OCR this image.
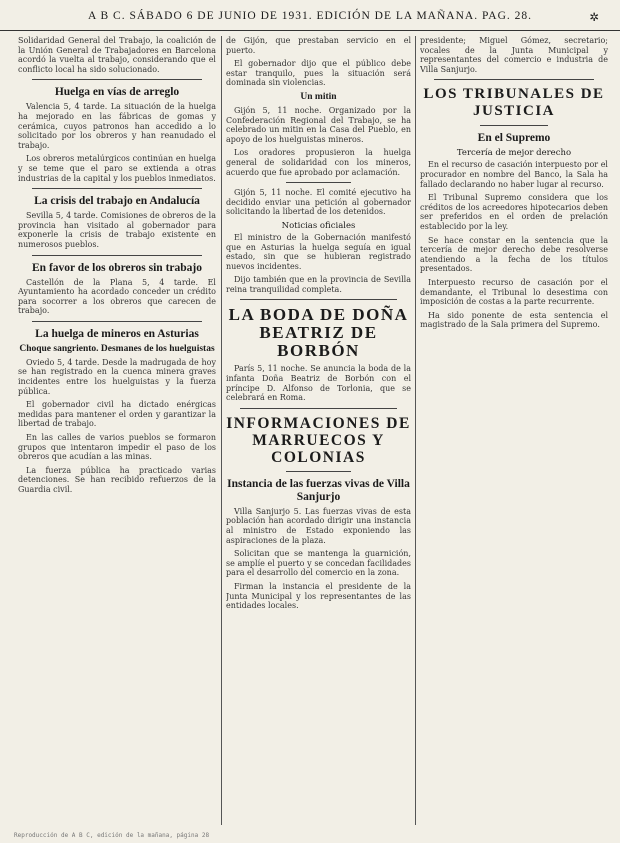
A B C. SÁBADO 6 DE JUNIO DE 1931. EDICIÓN DE LA MAÑANA. PAG. 28.	✲

Solidaridad General del Trabajo, la coalición de la Unión General de Trabajadores en Barcelona acordó la vuelta al trabajo, considerando que el conflicto local ha sido solucionado.

Huelga en vías de arreglo

Valencia 5, 4 tarde. La situación de la huelga ha mejorado en las fábricas de gomas y cerámica, cuyos patronos han accedido a lo solicitado por los obreros y han reanudado el trabajo.

Los obreros metalúrgicos continúan en huelga y se teme que el paro se extienda a otras industrias de la capital y los pueblos inmediatos.

La crisis del trabajo en Andalucía

Sevilla 5, 4 tarde. Comisiones de obreros de la provincia han visitado al gobernador para exponerle la crisis de trabajo existente en numerosos pueblos.

En favor de los obreros sin trabajo

Castellón de la Plana 5, 4 tarde. El Ayuntamiento ha acordado conceder un crédito para socorrer a los obreros que carecen de trabajo.

La huelga de mineros en Asturias
Choque sangriento. Desmanes de los huelguistas

Oviedo 5, 4 tarde. Desde la madrugada de hoy se han registrado en la cuenca minera graves incidentes entre los huelguistas y la fuerza pública.

El gobernador civil ha dictado enérgicas medidas para mantener el orden y garantizar la libertad de trabajo.

En las calles de varios pueblos se formaron grupos que intentaron impedir el paso de los obreros que acudían a las minas.

La fuerza pública ha practicado varias detenciones. Se han recibido refuerzos de la Guardia civil.

de Gijón, que prestaban servicio en el puerto.

El gobernador dijo que el público debe estar tranquilo, pues la situación será dominada sin violencias.

Un mitin

Gijón 5, 11 noche. Organizado por la Confederación Regional del Trabajo, se ha celebrado un mitin en la Casa del Pueblo, en apoyo de los huelguistas mineros.

Los oradores propusieron la huelga general de solidaridad con los mineros, acuerdo que fue aprobado por aclamación.

Gijón 5, 11 noche. El comité ejecutivo ha decidido enviar una petición al gobernador solicitando la libertad de los detenidos.

Noticias oficiales

El ministro de la Gobernación manifestó que en Asturias la huelga seguía en igual estado, sin que se hubieran registrado nuevos incidentes.

Dijo también que en la provincia de Sevilla reina tranquilidad completa.

LA BODA DE DOÑA BEATRIZ DE BORBÓN

París 5, 11 noche. Se anuncia la boda de la infanta Doña Beatriz de Borbón con el príncipe D. Alfonso de Torlonia, que se celebrará en Roma.

INFORMACIONES DE MARRUECOS Y COLONIAS
Instancia de las fuerzas vivas de Villa Sanjurjo

Villa Sanjurjo 5. Las fuerzas vivas de esta población han acordado dirigir una instancia al ministro de Estado exponiendo las aspiraciones de la plaza.

Solicitan que se mantenga la guarnición, se amplíe el puerto y se concedan facilidades para el desarrollo del comercio en la zona.

Firman la instancia el presidente de la Junta Municipal y los representantes de las entidades locales.

presidente; Miguel Gómez, secretario; vocales de la Junta Municipal y representantes del comercio e industria de Villa Sanjurjo.

LOS TRIBUNALES DE JUSTICIA
En el Supremo
Tercería de mejor derecho

En el recurso de casación interpuesto por el procurador en nombre del Banco, la Sala ha fallado declarando no haber lugar al recurso.

El Tribunal Supremo considera que los créditos de los acreedores hipotecarios deben ser preferidos en el orden de prelación establecido por la ley.

Se hace constar en la sentencia que la tercería de mejor derecho debe resolverse atendiendo a la fecha de los títulos presentados.

Interpuesto recurso de casación por el demandante, el Tribunal lo desestima con imposición de costas a la parte recurrente.

Ha sido ponente de esta sentencia el magistrado de la Sala primera del Supremo.

Reproducción de A B C, edición de la mañana, página 28
